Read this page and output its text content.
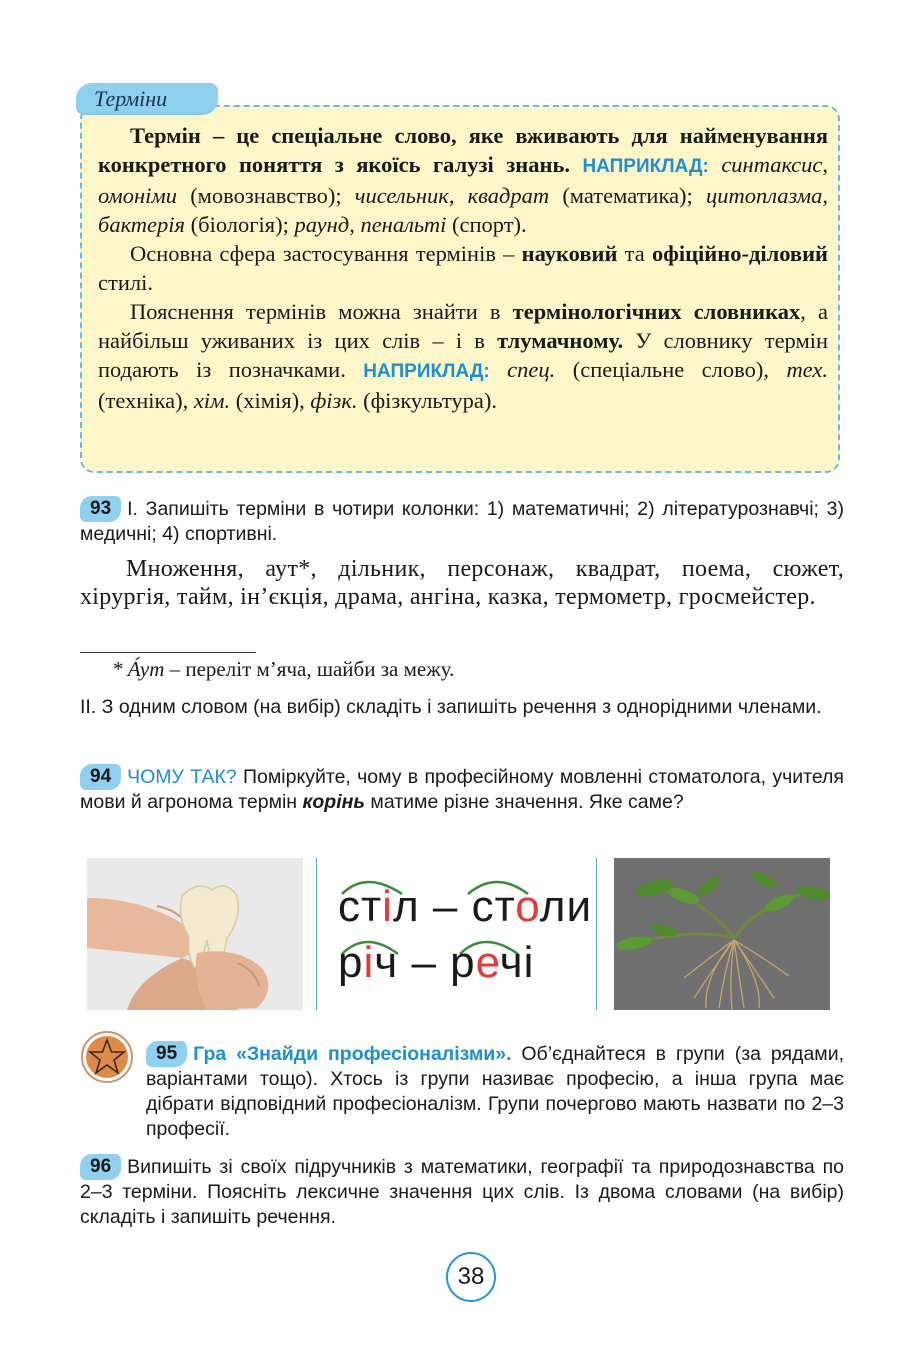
Термін – це спеціальне слово, яке вживають для найменування конкретного поняття з якоїсь галузі знань. НАПРИКЛАД: синтаксис, омоніми (мовознавство); чисельник, квадрат (математика); цитоплазма, бактерія (біологія); раунд, пенальті (спорт).

Основна сфера застосування термінів – науковий та офіційно-діловий стилі.

Пояснення термінів можна знайти в термінологічних словниках, а найбільш уживаних із цих слів – і в тлумачному. У словнику термін подають із позначками. НАПРИКЛАД: спец. (спеціальне слово), тех. (техніка), хім. (хімія), фізк. (фізкультура).

Терміни
93 І. Запишіть терміни в чотири колонки: 1) математичні; 2) літературознавчі; 3) медичні; 4) спортивні.

Множення, аут*, дільник, персонаж, квадрат, поема, сюжет, хірургія, тайм, ін’єкція, драма, ангіна, казка, термометр, гросмейстер.

* А́ут – переліт м’яча, шайби за межу.
ІІ. З одним словом (на вибір) складіть і запишіть речення з однорідними членами.
94 ЧОМУ ТАК? Поміркуйте, чому в професійному мовленні стоматолога, учителя мови й агронома термін корінь матиме різне значення. Яке саме?
стіл – столи
річ – речі
95 Гра «Знайди професіоналізми». Об’єднайтеся в групи (за рядами, варіантами тощо). Хтось із групи називає професію, а інша група має дібрати відповідний професіоналізм. Групи почергово мають назвати по 2–3 професії.
96 Випишіть зі своїх підручників з математики, географії та природознавства по 2–3 терміни. Поясніть лексичне значення цих слів. Із двома словами (на вибір) складіть і запишіть речення.
38
